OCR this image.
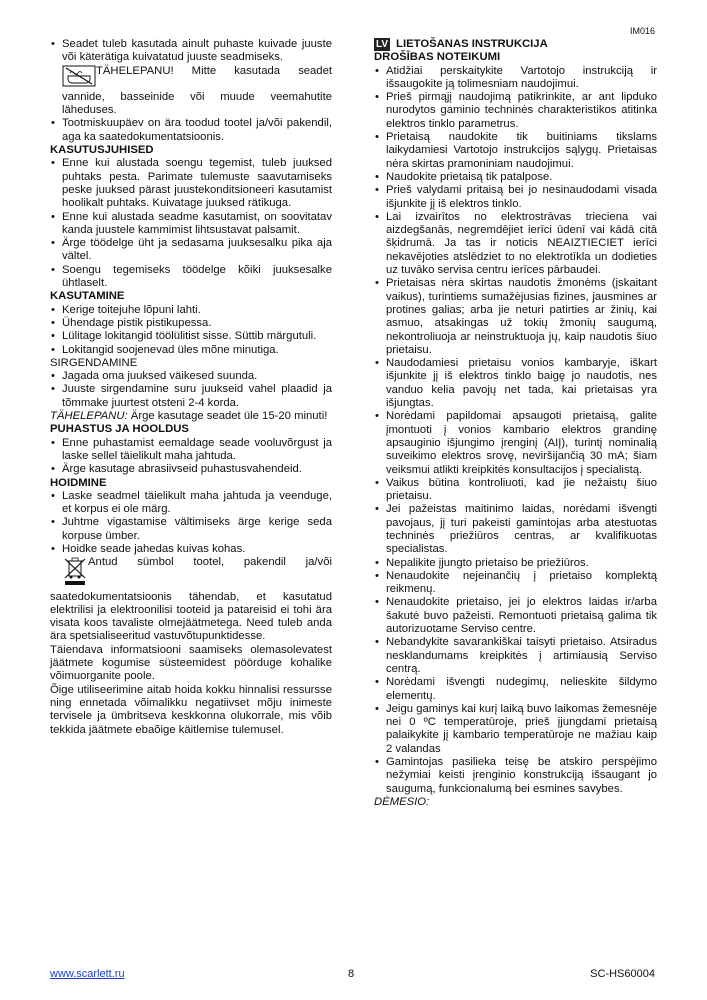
IM016
• Seadet tuleb kasutada ainult puhaste kuivade juuste või käterätiga kuivatatud juuste seadmiseks.
TÄHELEPANU! Mitte kasutada seadet vannide, basseinide või muude veemahutite läheduses.
• Tootmiskuupäev on ära toodud tootel ja/või pakendil, aga ka saatedokumentatsioonis.
KASUTUSJUHISED
• Enne kui alustada soengu tegemist, tuleb juuksed puhtaks pesta. Parimate tulemuste saavutamiseks peske juuksed pärast juustekonditsioneeri kasutamist hoolikalt puhtaks. Kuivatage juuksed rätikuga.
• Enne kui alustada seadme kasutamist, on soovitatav kanda juustele kammimist lihtsustavat palsamit.
• Ärge töödelge üht ja sedasama juuksesalku pika aja vältel.
• Soengu tegemiseks töödelge kõiki juuksesalke ühtlaselt.
KASUTAMINE
• Kerige toitejuhe lõpuni lahti.
• Ühendage pistik pistikupessa.
• Lülitage lokitangid töölülitist sisse. Süttib märgutuli.
• Lokitangid soojenevad üles mõne minutiga.
SIRGENDAMINE
• Jagada oma juuksed väikesed suunda.
• Juuste sirgendamine suru juukseid vahel plaadid ja tõmmake juurtest otsteni 2-4 korda.
TÄHELEPANU: Ärge kasutage seadet üle 15-20 minuti!
PUHASTUS JA HOOLDUS
• Enne puhastamist eemaldage seade vooluvõrgust ja laske sellel täielikult maha jahtuda.
• Ärge kasutage abrasiivseid puhastusvahendeid.
HOIDMINE
• Laske seadmel täielikult maha jahtuda ja veenduge, et korpus ei ole märg.
• Juhtme vigastamise vältimiseks ärge kerige seda korpuse ümber.
• Hoidke seade jahedas kuivas kohas.
Antud sümbol tootel, pakendil ja/või saatedokumentatsioonis tähendab, et kasutatud elektrilisi ja elektroonilisi tooteid ja patareisid ei tohi ära visata koos tavaliste olmejäätmetega. Need tuleb anda ära spetsialiseeritud vastuvõtupunktidesse.
Täiendava informatsiooni saamiseks olemasolevatest jäätmete kogumise süsteemidest pöörduge kohalike võimuorganite poole.
Õige utiliseerimine aitab hoida kokku hinnalisi ressursse ning ennetada võimalikku negatiivset mõju inimeste tervisele ja ümbritseva keskkonna olukorrale, mis võib tekkida jäätmete ebaõige käitlemise tulemusel.
LV LIETOŠANAS INSTRUKCIJA
DROŠĪBAS NOTEIKUMI
• Atidžiai perskaitykite Vartotojo instrukciją ir išsaugokite ją tolimesniam naudojimui.
• Prieš pirmąjį naudojimą patikrinkite, ar ant lipduko nurodytos gaminio techninės charakteristikos atitinka elektros tinklo parametrus.
• Prietaisą naudokite tik buitiniams tikslams laikydamiesi Vartotojo instrukcijos sąlygų. Prietaisas nėra skirtas pramoniniam naudojimui.
• Naudokite prietaisą tik patalpose.
• Prieš valydami pritaisą bei jo nesinaudodami visada išjunkite jį iš elektros tinklo.
• Lai izvairītos no elektrostrāvas trieciena vai aizdegšanās, negremdējiet ierīci ūdenī vai kādā citā šķidrumā. Ja tas ir noticis NEAIZTIECIET ierīci nekavējoties atslēdziet to no elektrotīkla un dodieties uz tuvāko servisa centru ierīces pārbaudei.
• Prietaisas nėra skirtas naudotis žmonėms (įskaitant vaikus), turintiems sumažėjusias fizines, jausmines ar protines galias; arba jie neturi patirties ar žinių, kai asmuo, atsakingas už tokių žmonių saugumą, nekontroliuoja ar neinstruktuoja jų, kaip naudotis šiuo prietaisu.
• Naudodamiesi prietaisu vonios kambaryje, iškart išjunkite jį iš elektros tinklo baigę jo naudotis, nes vanduo kelia pavojų net tada, kai prietaisas yra išjungtas.
• Norėdami papildomai apsaugoti prietaisą, galite įmontuoti į vonios kambario elektros grandinę apsauginio išjungimo įrenginį (AIĮ), turintį nominalią suveikimo elektros srovę, neviršijančią 30 mA; šiam veiksmui atlikti kreipkitės konsultacijos į specialistą.
• Vaikus būtina kontroliuoti, kad jie nežaistų šiuo prietaisu.
• Jei pažeistas maitinimo laidas, norėdami išvengti pavojaus, jį turi pakeisti gamintojas arba atestuotas techninės priežiūros centras, ar kvalifikuotas specialistas.
• Nepalikite įjungto prietaiso be priežiūros.
• Nenaudokite nejeinančių į prietaiso komplektą reikmenų.
• Nenaudokite prietaiso, jei jo elektros laidas ir/arba šakutė buvo pažeisti. Remontuoti prietaisą galima tik autorizuotame Serviso centre.
• Nebandykite savarankiškai taisyti prietaiso. Atsiradus nesklandumams kreipkitės į artimiausią Serviso centrą.
• Norėdami išvengti nudegimų, nelieskite šildymo elementų.
• Jeigu gaminys kai kurį laiką buvo laikomas žemesnėje nei 0 ºC temperatūroje, prieš įjungdami prietaisą palaikykite jį kambario temperatūroje ne mažiau kaip 2 valandas
• Gamintojas pasilieka teisę be atskiro perspėjimo nežymiai keisti įrenginio konstrukciją išsaugant jo saugumą, funkcionalumą bei esmines savybes.
DĖMESIO:
www.scarlett.ru	8	SC-HS60004
